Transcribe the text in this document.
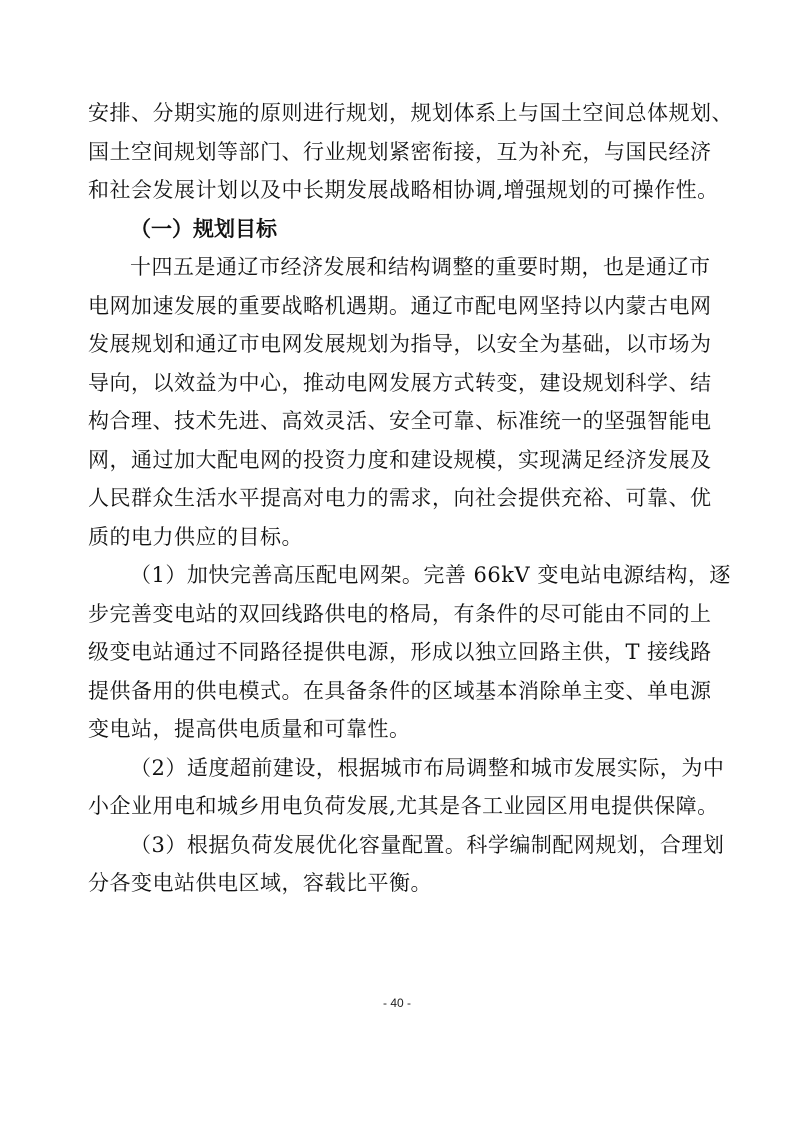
安排、分期实施的原则进行规划，规划体系上与国土空间总体规划、
国土空间规划等部门、行业规划紧密衔接，互为补充，与国民经济
和社会发展计划以及中长期发展战略相协调,增强规划的可操作性。
（一）规划目标
十四五是通辽市经济发展和结构调整的重要时期，也是通辽市
电网加速发展的重要战略机遇期。通辽市配电网坚持以内蒙古电网
发展规划和通辽市电网发展规划为指导，以安全为基础，以市场为
导向，以效益为中心，推动电网发展方式转变，建设规划科学、结
构合理、技术先进、高效灵活、安全可靠、标准统一的坚强智能电
网，通过加大配电网的投资力度和建设规模，实现满足经济发展及
人民群众生活水平提高对电力的需求，向社会提供充裕、可靠、优
质的电力供应的目标。
（1）加快完善高压配电网架。完善 66kV 变电站电源结构，逐
步完善变电站的双回线路供电的格局，有条件的尽可能由不同的上
级变电站通过不同路径提供电源，形成以独立回路主供，T 接线路
提供备用的供电模式。在具备条件的区域基本消除单主变、单电源
变电站，提高供电质量和可靠性。
（2）适度超前建设，根据城市布局调整和城市发展实际，为中
小企业用电和城乡用电负荷发展,尤其是各工业园区用电提供保障。
（3）根据负荷发展优化容量配置。科学编制配网规划，合理划
分各变电站供电区域，容载比平衡。
- 40 -
